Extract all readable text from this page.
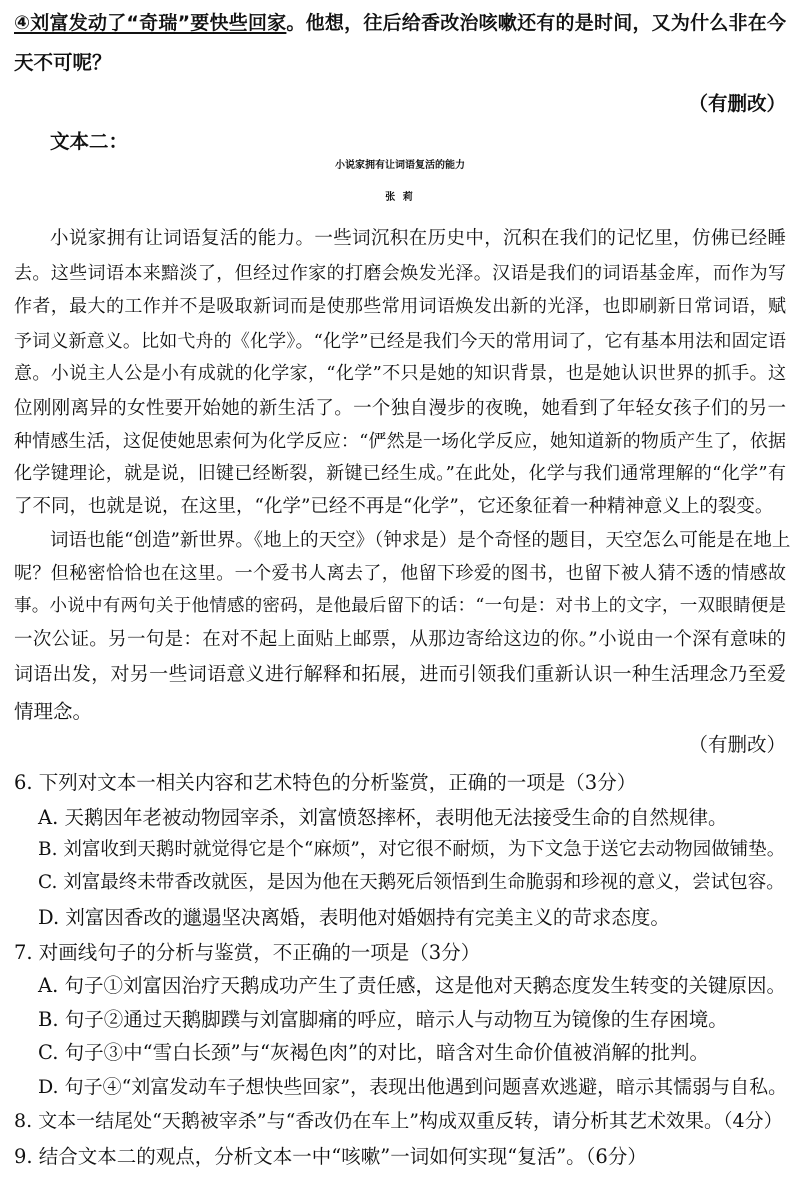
④刘富发动了“奇瑞”要快些回家。他想，往后给香改治咳嗽还有的是时间，又为什么非在今
天不可呢？
（有删改）
文本二：
小说家拥有让词语复活的能力
张 莉
小说家拥有让词语复活的能力。一些词沉积在历史中，沉积在我们的记忆里，仿佛已经睡
去。这些词语本来黯淡了，但经过作家的打磨会焕发光泽。汉语是我们的词语基金库，而作为写
作者，最大的工作并不是吸取新词而是使那些常用词语焕发出新的光泽，也即刷新日常词语，赋
予词义新意义。比如弋舟的《化学》。“化学”已经是我们今天的常用词了，它有基本用法和固定语
意。小说主人公是小有成就的化学家，“化学”不只是她的知识背景，也是她认识世界的抓手。这
位刚刚离异的女性要开始她的新生活了。一个独自漫步的夜晚，她看到了年轻女孩子们的另一
种情感生活，这促使她思索何为化学反应：“俨然是一场化学反应，她知道新的物质产生了，依据
化学键理论，就是说，旧键已经断裂，新键已经生成。”在此处，化学与我们通常理解的“化学”有
了不同，也就是说，在这里，“化学”已经不再是“化学”，它还象征着一种精神意义上的裂变。
词语也能“创造”新世界。《地上的天空》（钟求是）是个奇怪的题目，天空怎么可能是在地上
呢？但秘密恰恰也在这里。一个爱书人离去了，他留下珍爱的图书，也留下被人猜不透的情感故
事。小说中有两句关于他情感的密码，是他最后留下的话：“一句是：对书上的文字，一双眼睛便是
一次公证。另一句是：在对不起上面贴上邮票，从那边寄给这边的你。”小说由一个深有意味的
词语出发，对另一些词语意义进行解释和拓展，进而引领我们重新认识一种生活理念乃至爱
情理念。
（有删改）
6. 下列对文本一相关内容和艺术特色的分析鉴赏，正确的一项是（3分）
A. 天鹅因年老被动物园宰杀，刘富愤怒摔杯，表明他无法接受生命的自然规律。
B. 刘富收到天鹅时就觉得它是个“麻烦”，对它很不耐烦，为下文急于送它去动物园做铺垫。
C. 刘富最终未带香改就医，是因为他在天鹅死后领悟到生命脆弱和珍视的意义，尝试包容。
D. 刘富因香改的邋遢坚决离婚，表明他对婚姻持有完美主义的苛求态度。
7. 对画线句子的分析与鉴赏，不正确的一项是（3分）
A. 句子①刘富因治疗天鹅成功产生了责任感，这是他对天鹅态度发生转变的关键原因。
B. 句子②通过天鹅脚蹼与刘富脚痛的呼应，暗示人与动物互为镜像的生存困境。
C. 句子③中“雪白长颈”与“灰褐色肉”的对比，暗含对生命价值被消解的批判。
D. 句子④“刘富发动车子想快些回家”，表现出他遇到问题喜欢逃避，暗示其懦弱与自私。
8. 文本一结尾处“天鹅被宰杀”与“香改仍在车上”构成双重反转，请分析其艺术效果。（4分）
9. 结合文本二的观点，分析文本一中“咳嗽”一词如何实现“复活”。（6分）
